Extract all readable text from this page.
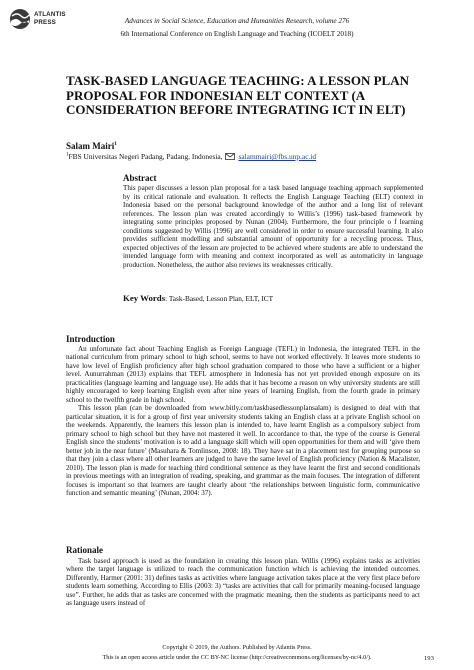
ATLANTIS
PRESS	Advances in Social Science, Education and Humanities Research, volume 276
6th International Conference on English Language and Teaching (ICOELT 2018)
TASK-BASED LANGUAGE TEACHING: A LESSON PLAN PROPOSAL FOR INDONESIAN ELT CONTEXT (A CONSIDERATION BEFORE INTEGRATING ICT IN ELT)
Salam Mairi$^1$
$^1$FBS Universitas Negeri Padang, Padang, Indonesia, salammairi@fbs.unp.ac.id
Abstract

This paper discusses a lesson plan proposal for a task based language teaching approach supplemented by its critical rationale and evaluation. It reflects the English Language Teaching (ELT) context in Indonesia based on the personal background knowledge of the author and a long list of relevant references. The lesson plan was created accordingly to Willis’s (1996) task-based framework by integrating some principles proposed by Nunan (2004). Furthermore, the four principle o f learning conditions suggested by Willis (1996) are well considered in order to ensure successful learning. It also provides sufficient modelling and substantial amount of opportunity for a recycling process. Thus, expected objectives of the lesson are projected to be achieved where students are able to understand the intended language form with meaning and context incorporated as well as automaticity in language production. Nonetheless, the author also reviews its weaknesses critically.

Key Words: Task-Based, Lesson Plan, ELT, ICT
Introduction

An unfortunate fact about Teaching English as Foreign Language (TEFL) in Indonesia, the integrated TEFL in the national curriculum from primary school to high school, seems to have not worked effectively. It leaves more students to have low level of English proficiency after high school graduation compared to those who have a sufficient or a higher level. Aunurrahman (2013) explains that TEFL atmosphere in Indonesia has not yet provided enough exposure on its practicalities (language learning and language use). He adds that it has become a reason on why university students are still highly encouraged to keep learning English even after nine years of learning English, from the fourth grade in primary school to the twelfth grade in high school.

This lesson plan (can be downloaded from www.bitly.com/taskbasedlessonplansalam) is designed to deal with that particular situation, it is for a group of first year university students taking an English class at a private English school on the weekends. Apparently, the learners this lesson plan is intended to, have learnt English as a compulsory subject from primary school to high school but they have not mastered it well. In accordance to that, the type of the course is General English since the students’ motivation is to add a language skill which will open opportunities for them and will ‘give them better job in the near future’ (Masuhara & Tomlinson, 2008: 18). They have sat in a placement test for grouping purpose so that they join a class where all other learners are judged to have the same level of English proficiency (Nation & Macalister, 2010). The lesson plan is made for teaching third conditional sentence as they have learnt the first and second conditionals in previous meetings with an integration of reading, speaking, and grammar as the main focuses. The integration of different focuses is important so that learners are taught clearly about ‘the relationships between linguistic form, communicative function and semantic meaning’ (Nunan, 2004: 37).

Rationale

Task based approach is used as the foundation in creating this lesson plan. Willis (1996) explains tasks as activities where the target language is utilized to reach the communication function which is achieving the intended outcomes. Differently, Harmer (2001: 31) defines tasks as activities where language activation takes place at the very first place before students learn something. According to Ellis (2003: 3) “tasks are activities that call for primarily meaning-focused language use”. Further, he adds that as tasks are concerned with the pragmatic meaning, then the students as participants need to act as language users instead of

Copyright © 2019, the Authors. Published by Atlantis Press.
This is an open access article under the CC BY-NC license (http://creativecommons.org/licenses/by-nc/4.0/).	193
